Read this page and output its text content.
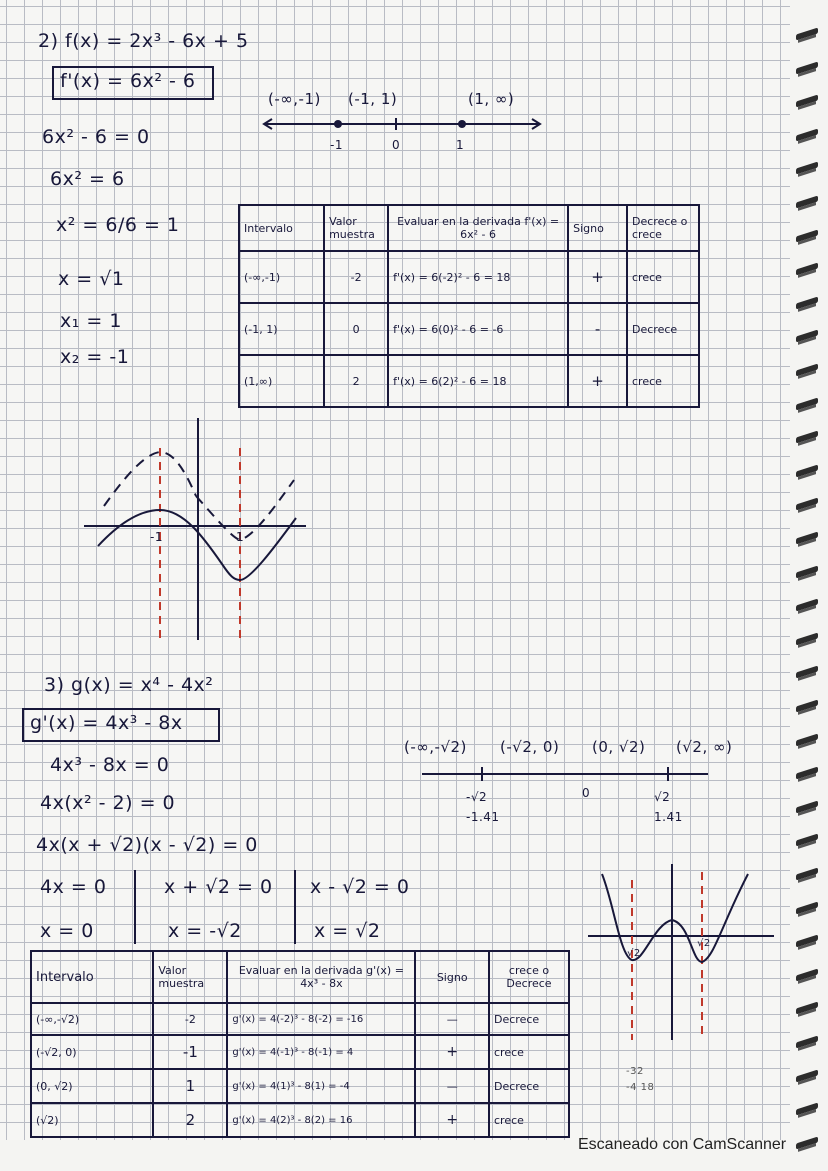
2) f(x) = 2x³ - 6x + 5
f'(x) = 6x² - 6
6x² - 6 = 0
6x² = 6
x² = 6/6 = 1
x = √1
x₁ = 1
x₂ = -1
(-∞,-1) (-1, 1)	(1, ∞)
-1	0	1
Intervalo	Valor muestra	Evaluar en la derivada f'(x) = 6x² - 6	Signo	Decrece o crece
(-∞,-1)	-2	f'(x) = 6(-2)² - 6 = 18	+	crece
(-1, 1)	0	f'(x) = 6(0)² - 6 = -6	-	Decrece
(1,∞)	2	f'(x) = 6(2)² - 6 = 18	+	crece
-1	1
3) g(x) = x⁴ - 4x²
g'(x) = 4x³ - 8x
4x³ - 8x = 0
4x(x² - 2) = 0
4x(x + √2)(x - √2) = 0
4x = 0
x = 0
x + √2 = 0
x = -√2
x - √2 = 0
x = √2
(-∞,-√2) (-√2, 0) (0, √2) (√2, ∞)
-√2
-1.41
0	√2
1.41
√2
√2
-32
-4 18
Intervalo	Valor muestra	Evaluar en la derivada g'(x) = 4x³ - 8x	Signo	crece o Decrece
(-∞,-√2)	-2	g'(x) = 4(-2)³ - 8(-2) = -16	—	Decrece
(-√2, 0)	-1	g'(x) = 4(-1)³ - 8(-1) = 4	+	crece
(0, √2)	1	g'(x) = 4(1)³ - 8(1) = -4	—	Decrece
(√2)	2	g'(x) = 4(2)³ - 8(2) = 16	+	crece
Escaneado con CamScanner
